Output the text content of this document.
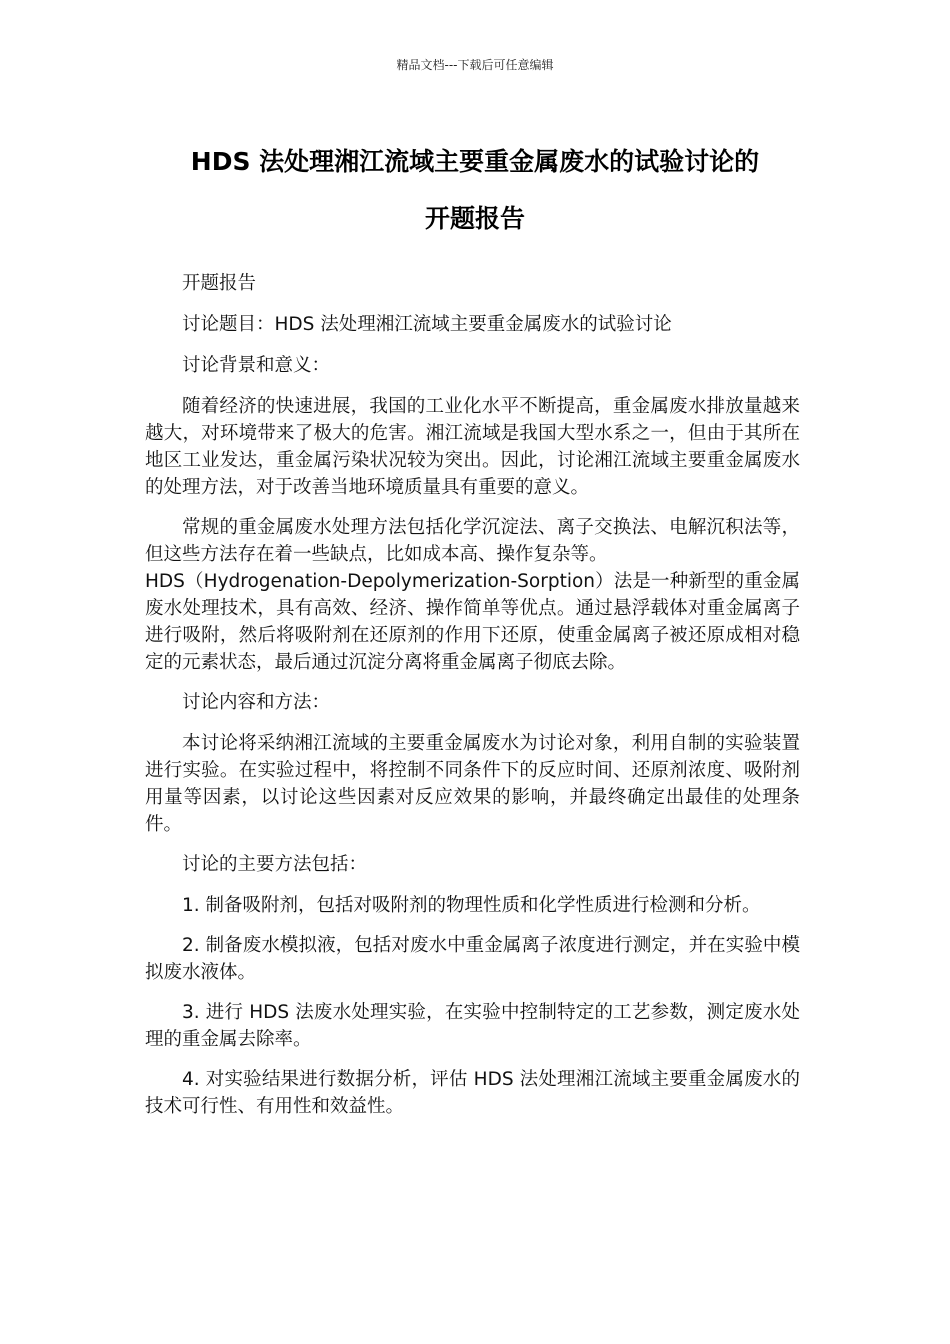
精品文档---下载后可任意编辑
HDS 法处理湘江流域主要重金属废水的试验讨论的
开题报告

开题报告

讨论题目：HDS 法处理湘江流域主要重金属废水的试验讨论

讨论背景和意义：

随着经济的快速进展，我国的工业化水平不断提高，重金属废水排放量越来越大，对环境带来了极大的危害。湘江流域是我国大型水系之一，但由于其所在地区工业发达，重金属污染状况较为突出。因此，讨论湘江流域主要重金属废水的处理方法，对于改善当地环境质量具有重要的意义。

常规的重金属废水处理方法包括化学沉淀法、离子交换法、电解沉积法等，但这些方法存在着一些缺点，比如成本高、操作复杂等。

HDS（Hydrogenation-Depolymerization-Sorption）法是一种新型的重金属废水处理技术，具有高效、经济、操作简单等优点。通过悬浮载体对重金属离子进行吸附，然后将吸附剂在还原剂的作用下还原，使重金属离子被还原成相对稳定的元素状态，最后通过沉淀分离将重金属离子彻底去除。

讨论内容和方法：

本讨论将采纳湘江流域的主要重金属废水为讨论对象，利用自制的实验装置进行实验。在实验过程中，将控制不同条件下的反应时间、还原剂浓度、吸附剂用量等因素，以讨论这些因素对反应效果的影响，并最终确定出最佳的处理条件。

讨论的主要方法包括：

1. 制备吸附剂，包括对吸附剂的物理性质和化学性质进行检测和分析。

2. 制备废水模拟液，包括对废水中重金属离子浓度进行测定，并在实验中模拟废水液体。

3. 进行 HDS 法废水处理实验，在实验中控制特定的工艺参数，测定废水处理的重金属去除率。

4. 对实验结果进行数据分析，评估 HDS 法处理湘江流域主要重金属废水的技术可行性、有用性和效益性。
